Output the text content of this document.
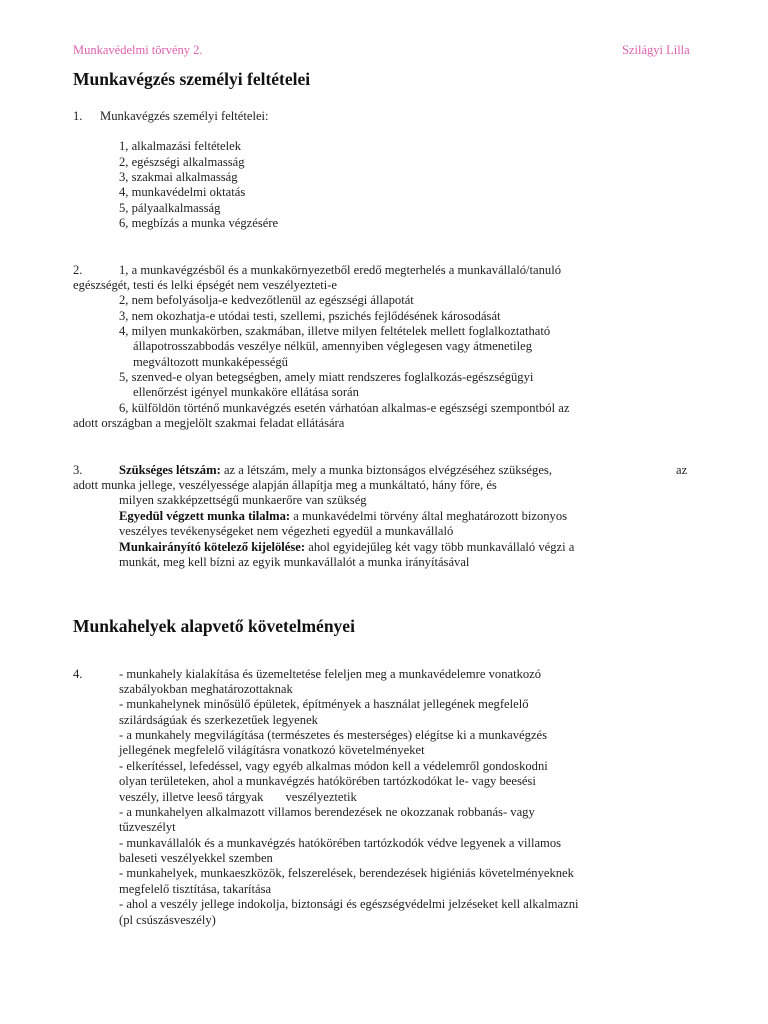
Munkavédelmi törvény 2.	Szilágyi Lilla
Munkavégzés személyi feltételei
1. Munkavégzés személyi feltételei:
1, alkalmazási feltételek
2, egészségi alkalmasság
3, szakmai alkalmasság
4, munkavédelmi oktatás
5, pályaalkalmasság
6, megbízás a munka végzésére
2.	1, a munkavégzésből és a munkakörnyezetből eredő megterhelés a munkavállaló/tanuló
egészségét, testi és lelki épségét nem veszélyezteti-e
2, nem befolyásolja-e kedvezőtlenül az egészségi állapotát
3, nem okozhatja-e utódai testi, szellemi, pszichés fejlődésének károsodását
4, milyen munkakörben, szakmában, illetve milyen feltételek mellett foglalkoztatható
állapotrosszabbodás veszélye nélkül, amennyiben véglegesen vagy átmenetileg
megváltozott munkaképességű
5, szenved-e olyan betegségben, amely miatt rendszeres foglalkozás-egészségügyi
ellenőrzést igényel munkaköre ellátása során
6, külföldön történő munkavégzés esetén várhatóan alkalmas-e egészségi szempontból az
adott országban a megjelölt szakmai feladat ellátására
3.	Szükséges létszám: az a létszám, mely a munka biztonságos elvégzéséhez szükséges,	az
adott munka jellege, veszélyessége alapján állapítja meg a munkáltató, hány főre, és
milyen szakképzettségű munkaerőre van szükség
Egyedül végzett munka tilalma: a munkavédelmi törvény által meghatározott bizonyos
veszélyes tevékenységeket nem végezheti egyedül a munkavállaló
Munkairányító kötelező kijelölése: ahol egyidejűleg két vagy több munkavállaló végzi a
munkát, meg kell bízni az egyik munkavállalót a munka irányításával
Munkahelyek alapvető követelményei
4.	- munkahely kialakítása és üzemeltetése feleljen meg a munkavédelemre vonatkozó
szabályokban meghatározottaknak
- munkahelynek minősülő épületek, építmények a használat jellegének megfelelő
szilárdságúak és szerkezetűek legyenek
- a munkahely megvilágítása (természetes és mesterséges) elégítse ki a munkavégzés
jellegének megfelelő világításra vonatkozó követelményeket
- elkerítéssel, lefedéssel, vagy egyéb alkalmas módon kell a védelemről gondoskodni
olyan területeken, ahol a munkavégzés hatókörében tartózkodókat le- vagy beesési
veszély, illetve leeső tárgyak       veszélyeztetik
- a munkahelyen alkalmazott villamos berendezések ne okozzanak robbanás- vagy
tűzveszélyt
- munkavállalók és a munkavégzés hatókörében tartózkodók védve legyenek a villamos
baleseti veszélyekkel szemben
- munkahelyek, munkaeszközök, felszerelések, berendezések higiéniás követelményeknek
megfelelő tisztítása, takarítása
- ahol a veszély jellege indokolja, biztonsági és egészségvédelmi jelzéseket kell alkalmazni
(pl csúszásveszély)
